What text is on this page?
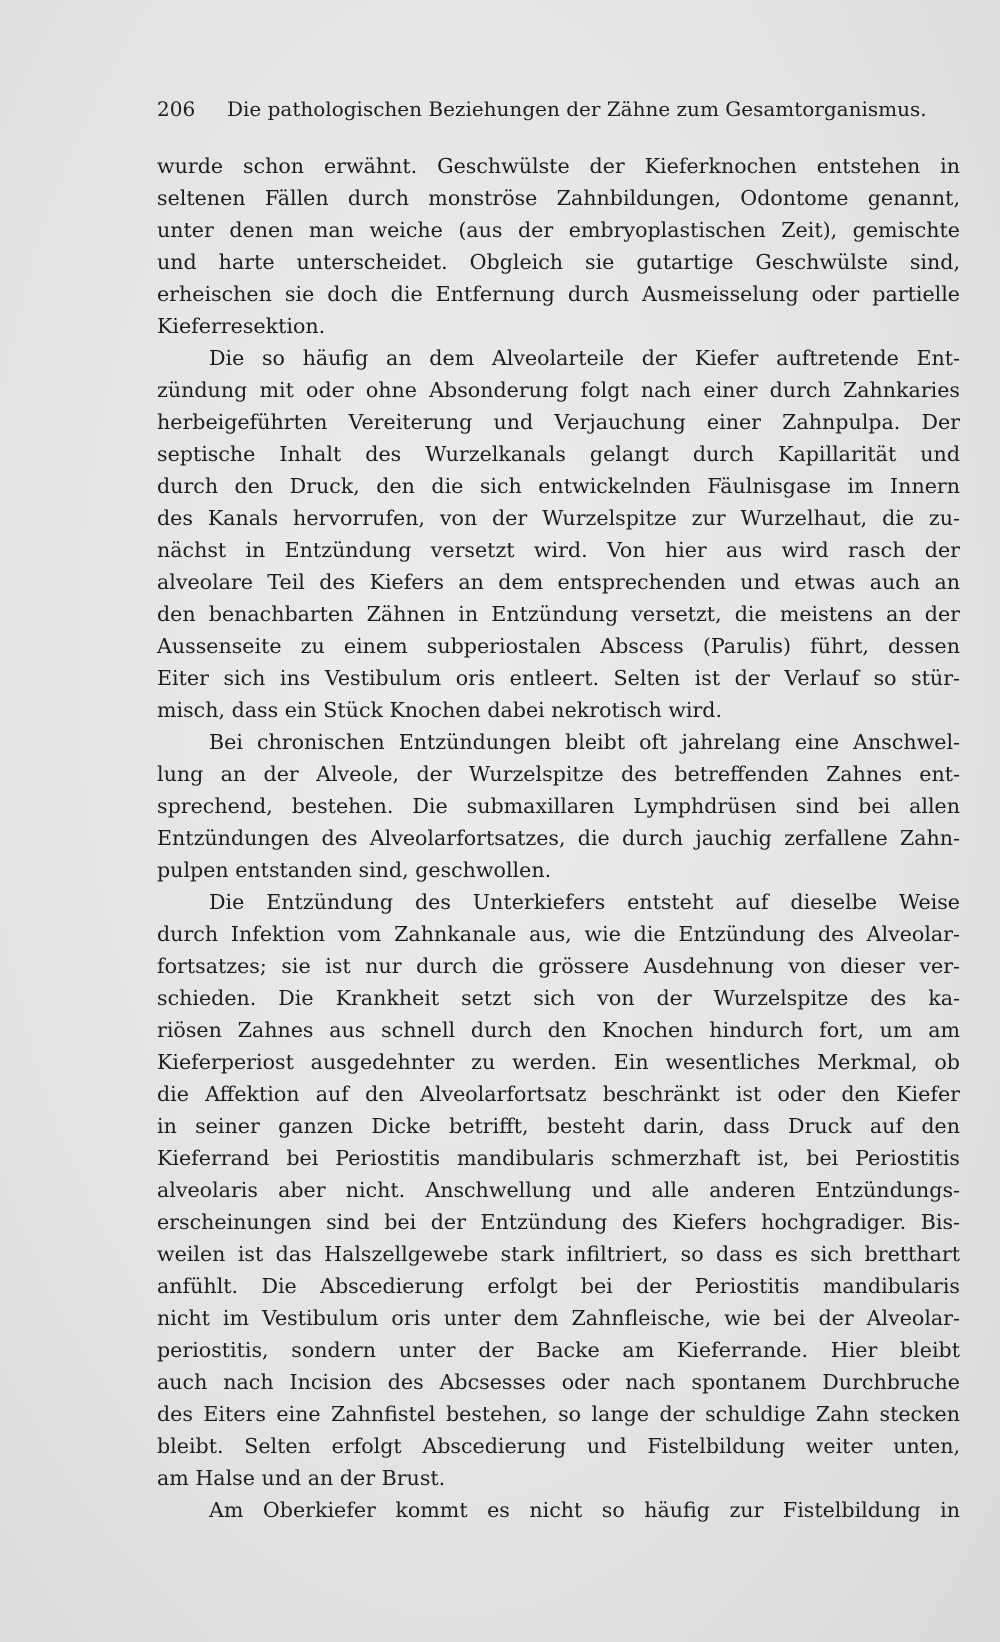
206 Die pathologischen Beziehungen der Zähne zum Gesamtorganismus.
wurde schon erwähnt. Geschwülste der Kieferknochen entstehen in
seltenen Fällen durch monströse Zahnbildungen, Odontome genannt,
unter denen man weiche (aus der embryoplastischen Zeit), gemischte
und harte unterscheidet. Obgleich sie gutartige Geschwülste sind,
erheischen sie doch die Entfernung durch Ausmeisselung oder partielle
Kieferresektion.
Die so häufig an dem Alveolarteile der Kiefer auftretende Ent-
zündung mit oder ohne Absonderung folgt nach einer durch Zahnkaries
herbeigeführten Vereiterung und Verjauchung einer Zahnpulpa. Der
septische Inhalt des Wurzelkanals gelangt durch Kapillarität und
durch den Druck, den die sich entwickelnden Fäulnisgase im Innern
des Kanals hervorrufen, von der Wurzelspitze zur Wurzelhaut, die zu-
nächst in Entzündung versetzt wird. Von hier aus wird rasch der
alveolare Teil des Kiefers an dem entsprechenden und etwas auch an
den benachbarten Zähnen in Entzündung versetzt, die meistens an der
Aussenseite zu einem subperiostalen Abscess (Parulis) führt, dessen
Eiter sich ins Vestibulum oris entleert. Selten ist der Verlauf so stür-
misch, dass ein Stück Knochen dabei nekrotisch wird.
Bei chronischen Entzündungen bleibt oft jahrelang eine Anschwel-
lung an der Alveole, der Wurzelspitze des betreffenden Zahnes ent-
sprechend, bestehen. Die submaxillaren Lymphdrüsen sind bei allen
Entzündungen des Alveolarfortsatzes, die durch jauchig zerfallene Zahn-
pulpen entstanden sind, geschwollen.
Die Entzündung des Unterkiefers entsteht auf dieselbe Weise
durch Infektion vom Zahnkanale aus, wie die Entzündung des Alveolar-
fortsatzes; sie ist nur durch die grössere Ausdehnung von dieser ver-
schieden. Die Krankheit setzt sich von der Wurzelspitze des ka-
riösen Zahnes aus schnell durch den Knochen hindurch fort, um am
Kieferperiost ausgedehnter zu werden. Ein wesentliches Merkmal, ob
die Affektion auf den Alveolarfortsatz beschränkt ist oder den Kiefer
in seiner ganzen Dicke betrifft, besteht darin, dass Druck auf den
Kieferrand bei Periostitis mandibularis schmerzhaft ist, bei Periostitis
alveolaris aber nicht. Anschwellung und alle anderen Entzündungs-
erscheinungen sind bei der Entzündung des Kiefers hochgradiger. Bis-
weilen ist das Halszellgewebe stark infiltriert, so dass es sich bretthart
anfühlt. Die Abscedierung erfolgt bei der Periostitis mandibularis
nicht im Vestibulum oris unter dem Zahnfleische, wie bei der Alveolar-
periostitis, sondern unter der Backe am Kieferrande. Hier bleibt
auch nach Incision des Abcsesses oder nach spontanem Durchbruche
des Eiters eine Zahnfistel bestehen, so lange der schuldige Zahn stecken
bleibt. Selten erfolgt Abscedierung und Fistelbildung weiter unten,
am Halse und an der Brust.
Am Oberkiefer kommt es nicht so häufig zur Fistelbildung in
